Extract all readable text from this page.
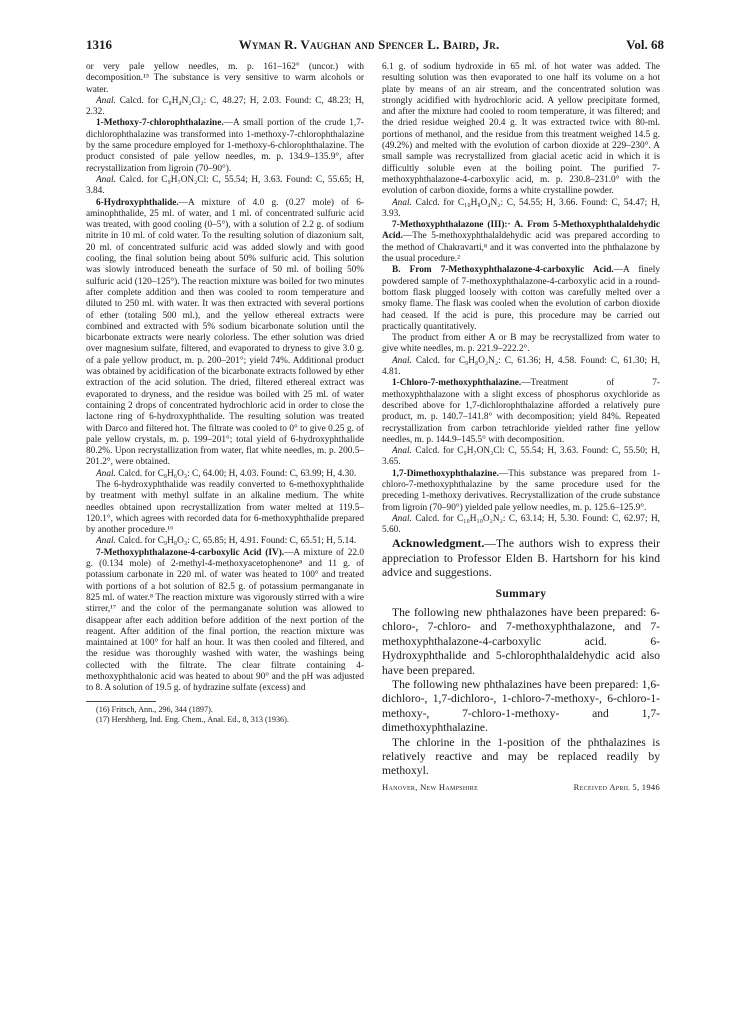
1316	Wyman R. Vaughan and Spencer L. Baird, Jr.	Vol. 68

or very pale yellow needles, m. p. 161–162° (uncor.) with decomposition.¹⁵ The substance is very sensitive to warm alcohols or water.

Anal. Calcd. for C₈H₄N₂Cl₂: C, 48.27; H, 2.03. Found: C, 48.23; H, 2.32.

1-Methoxy-7-chlorophthalazine.—A small portion of the crude 1,7-dichlorophthalazine was transformed into 1-methoxy-7-chlorophthalazine by the same procedure employed for 1-methoxy-6-chlorophthalazine. The product consisted of pale yellow needles, m. p. 134.9–135.9°, after recrystallization from ligroin (70–90°).

Anal. Calcd. for C₉H₇ON₂Cl: C, 55.54; H, 3.63. Found: C, 55.65; H, 3.84.

6-Hydroxyphthalide.—A mixture of 4.0 g. (0.27 mole) of 6-aminophthalide, 25 ml. of water, and 1 ml. of concentrated sulfuric acid was treated, with good cooling (0–5°), with a solution of 2.2 g. of sodium nitrite in 10 ml. of cold water. To the resulting solution of diazonium salt, 20 ml. of concentrated sulfuric acid was added slowly and with good cooling, the final solution being about 50% sulfuric acid. This solution was slowly introduced beneath the surface of 50 ml. of boiling 50% sulfuric acid (120–125°). The reaction mixture was boiled for two minutes after complete addition and then was cooled to room temperature and diluted to 250 ml. with water. It was then extracted with several portions of ether (totaling 500 ml.), and the yellow ethereal extracts were combined and extracted with 5% sodium bicarbonate solution until the bicarbonate extracts were nearly colorless. The ether solution was dried over magnesium sulfate, filtered, and evaporated to dryness to give 3.0 g. of a pale yellow product, m. p. 200–201°; yield 74%. Additional product was obtained by acidification of the bicarbonate extracts followed by ether extraction of the acid solution. The dried, filtered ethereal extract was evaporated to dryness, and the residue was boiled with 25 ml. of water containing 2 drops of concentrated hydrochloric acid in order to close the lactone ring of 6-hydroxyphthalide. The resulting solution was treated with Darco and filtered hot. The filtrate was cooled to 0° to give 0.25 g. of pale yellow crystals, m. p. 199–201°; total yield of 6-hydroxyphthalide 80.2%. Upon recrystallization from water, flat white needles, m. p. 200.5–201.2°, were obtained.

Anal. Calcd. for C₈H₆O₃: C, 64.00; H, 4.03. Found: C, 63.99; H, 4.30.

The 6-hydroxyphthalide was readily converted to 6-methoxyphthalide by treatment with methyl sulfate in an alkaline medium. The white needles obtained upon recrystallization from water melted at 119.5–120.1°, which agrees with recorded data for 6-methoxyphthalide prepared by another procedure.¹⁶

Anal. Calcd. for C₉H₈O₃: C, 65.85; H, 4.91. Found: C, 65.51; H, 5.14.

7-Methoxyphthalazone-4-carboxylic Acid (IV).—A mixture of 22.0 g. (0.134 mole) of 2-methyl-4-methoxyacetophenone⁸ and 11 g. of potassium carbonate in 220 ml. of water was heated to 100° and treated with portions of a hot solution of 82.5 g. of potassium permanganate in 825 ml. of water.⁸ The reaction mixture was vigorously stirred with a wire stirrer,¹⁷ and the color of the permanganate solution was allowed to disappear after each addition before addition of the next portion of the reagent. After addition of the final portion, the reaction mixture was maintained at 100° for half an hour. It was then cooled and filtered, and the residue was thoroughly washed with water, the washings being collected with the filtrate. The clear filtrate containing 4-methoxyphthalonic acid was heated to about 90° and the pH was adjusted to 8. A solution of 19.5 g. of hydrazine sulfate (excess) and

(16) Fritsch, Ann., 296, 344 (1897).

(17) Hershberg, Ind. Eng. Chem., Anal. Ed., 8, 313 (1936).

6.1 g. of sodium hydroxide in 65 ml. of hot water was added. The resulting solution was then evaporated to one half its volume on a hot plate by means of an air stream, and the concentrated solution was strongly acidified with hydrochloric acid. A yellow precipitate formed, and after the mixture had cooled to room temperature, it was filtered; and the dried residue weighed 20.4 g. It was extracted twice with 80-ml. portions of methanol, and the residue from this treatment weighed 14.5 g. (49.2%) and melted with the evolution of carbon dioxide at 229–230°. A small sample was recrystallized from glacial acetic acid in which it is difficultly soluble even at the boiling point. The purified 7-methoxyphthalazone-4-carboxylic acid, m. p. 230.8–231.0° with the evolution of carbon dioxide, forms a white crystalline powder.

Anal. Calcd. for C₁₀H₈O₄N₂: C, 54.55; H, 3.66. Found: C, 54.47; H, 3.93.

7-Methoxyphthalazone (III):· A. From 5-Methoxyphthalaldehydic Acid.—The 5-methoxyphthalaldehydic acid was prepared according to the method of Chakravarti,⁸ and it was converted into the phthalazone by the usual procedure.²

B. From 7-Methoxyphthalazone-4-carboxylic Acid.—A finely powdered sample of 7-methoxyphthalazone-4-carboxylic acid in a round-bottom flask plugged loosely with cotton was carefully melted over a smoky flame. The flask was cooled when the evolution of carbon dioxide had ceased. If the acid is pure, this procedure may be carried out practically quantitatively.

The product from either A or B may be recrystallized from water to give white needles, m. p. 221.9–222.2°.

Anal. Calcd. for C₉H₈O₂N₂: C, 61.36; H, 4.58. Found: C, 61.30; H, 4.81.

1-Chloro-7-methoxyphthalazine.—Treatment of 7-methoxyphthalazone with a slight excess of phosphorus oxychloride as described above for 1,7-dichlorophthalazine afforded a relatively pure product, m. p. 140.7–141.8° with decomposition; yield 84%. Repeated recrystallization from carbon tetrachloride yielded rather fine yellow needles, m. p. 144.9–145.5° with decomposition.

Anal. Calcd. for C₉H₇ON₂Cl: C, 55.54; H, 3.63. Found: C, 55.50; H, 3.65.

1,7-Dimethoxyphthalazine.—This substance was prepared from 1-chloro-7-methoxyphthalazine by the same procedure used for the preceding 1-methoxy derivatives. Recrystallization of the crude substance from ligroin (70–90°) yielded pale yellow needles, m. p. 125.6–125.9°.

Anal. Calcd. for C₁₀H₁₀O₂N₂: C, 63.14; H, 5.30. Found: C, 62.97; H, 5.60.

Acknowledgment.—The authors wish to express their appreciation to Professor Elden B. Hartshorn for his kind advice and suggestions.

Summary

The following new phthalazones have been prepared: 6-chloro-, 7-chloro- and 7-methoxyphthalazone, and 7-methoxyphthalazone-4-carboxylic acid. 6-Hydroxyphthalide and 5-chlorophthalaldehydic acid also have been prepared.

The following new phthalazines have been prepared: 1,6-dichloro-, 1,7-dichloro-, 1-chloro-7-methoxy-, 6-chloro-1-methoxy-, 7-chloro-1-methoxy- and 1,7-dimethoxyphthalazine.

The chlorine in the 1-position of the phthalazines is relatively reactive and may be replaced readily by methoxyl.

Hanover, New Hampshire	Received April 5, 1946
